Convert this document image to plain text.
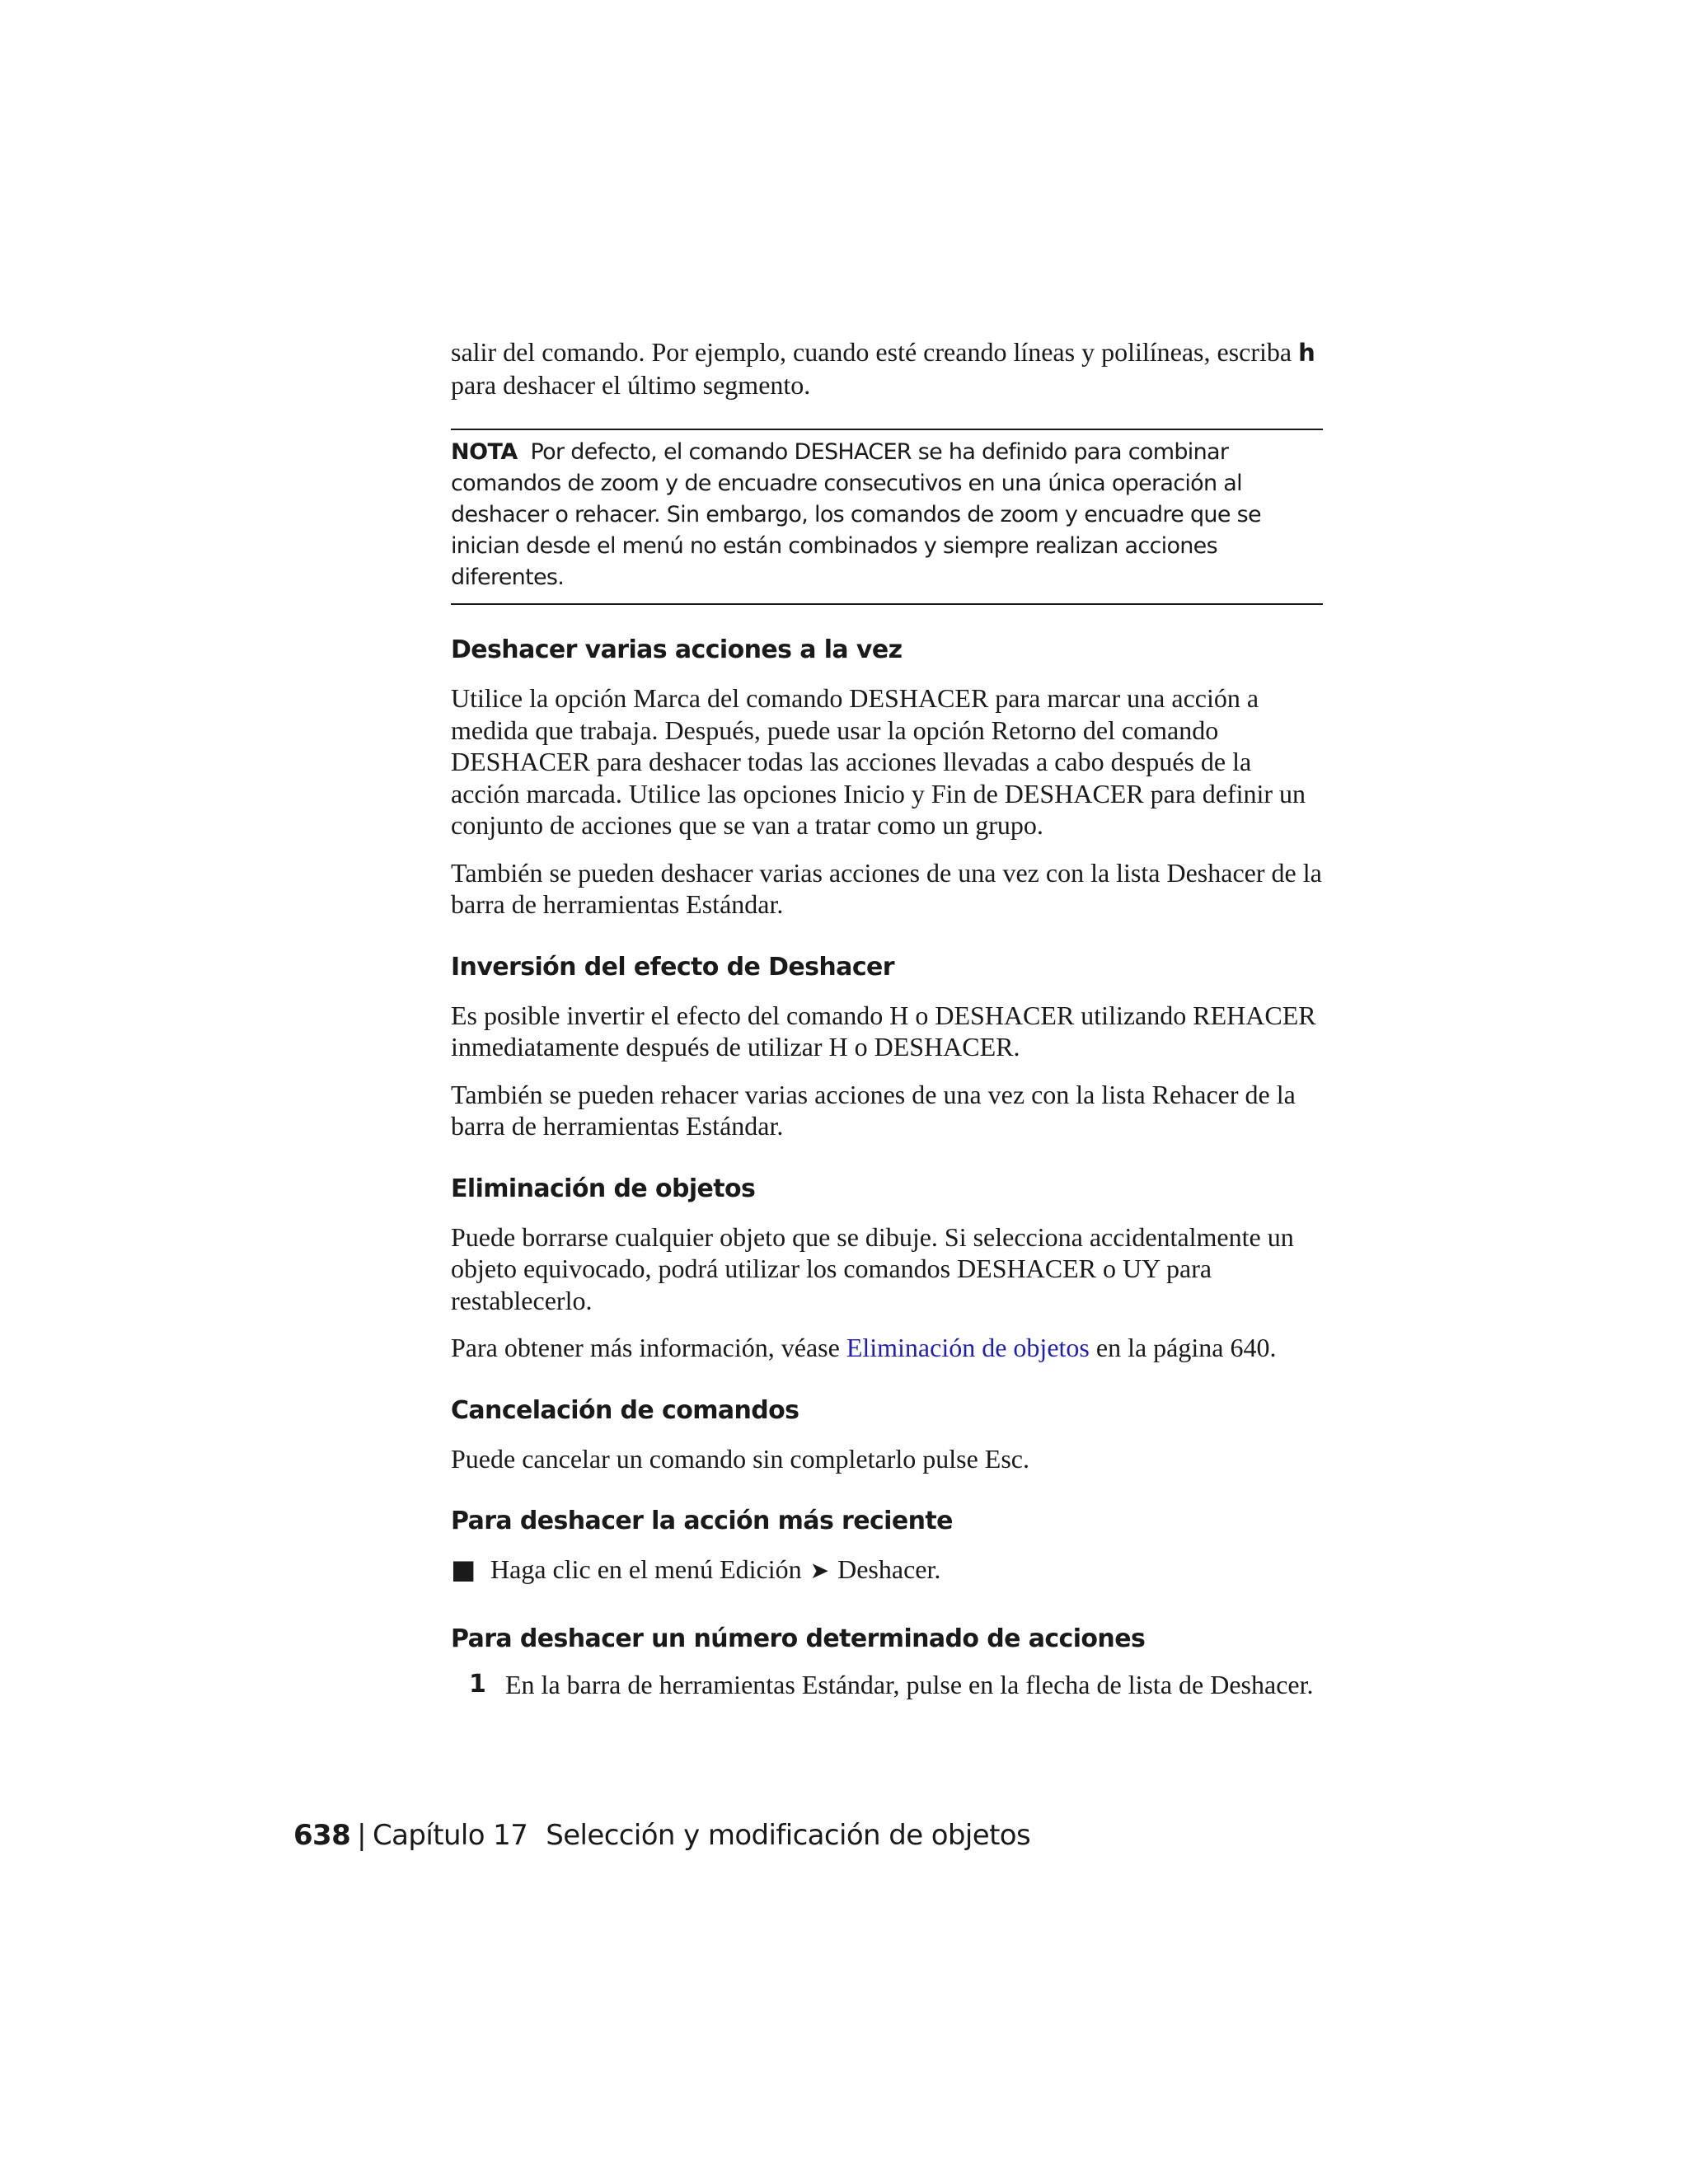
salir del comando. Por ejemplo, cuando esté creando líneas y polilíneas, escriba h para deshacer el último segmento.

NOTA Por defecto, el comando DESHACER se ha definido para combinar comandos de zoom y de encuadre consecutivos en una única operación al deshacer o rehacer. Sin embargo, los comandos de zoom y encuadre que se inician desde el menú no están combinados y siempre realizan acciones diferentes.
Deshacer varias acciones a la vez

Utilice la opción Marca del comando DESHACER para marcar una acción a medida que trabaja. Después, puede usar la opción Retorno del comando DESHACER para deshacer todas las acciones llevadas a cabo después de la acción marcada. Utilice las opciones Inicio y Fin de DESHACER para definir un conjunto de acciones que se van a tratar como un grupo.

También se pueden deshacer varias acciones de una vez con la lista Deshacer de la barra de herramientas Estándar.

Inversión del efecto de Deshacer

Es posible invertir el efecto del comando H o DESHACER utilizando REHACER inmediatamente después de utilizar H o DESHACER.

También se pueden rehacer varias acciones de una vez con la lista Rehacer de la barra de herramientas Estándar.

Eliminación de objetos

Puede borrarse cualquier objeto que se dibuje. Si selecciona accidentalmente un objeto equivocado, podrá utilizar los comandos DESHACER o UY para restablecerlo.

Para obtener más información, véase Eliminación de objetos en la página 640.

Cancelación de comandos

Puede cancelar un comando sin completarlo pulse Esc.

Para deshacer la acción más reciente
■ Haga clic en el menú Edición ➤ Deshacer.
Para deshacer un número determinado de acciones
1 En la barra de herramientas Estándar, pulse en la flecha de lista de Deshacer.
638 | Capítulo 17 Selección y modificación de objetos
